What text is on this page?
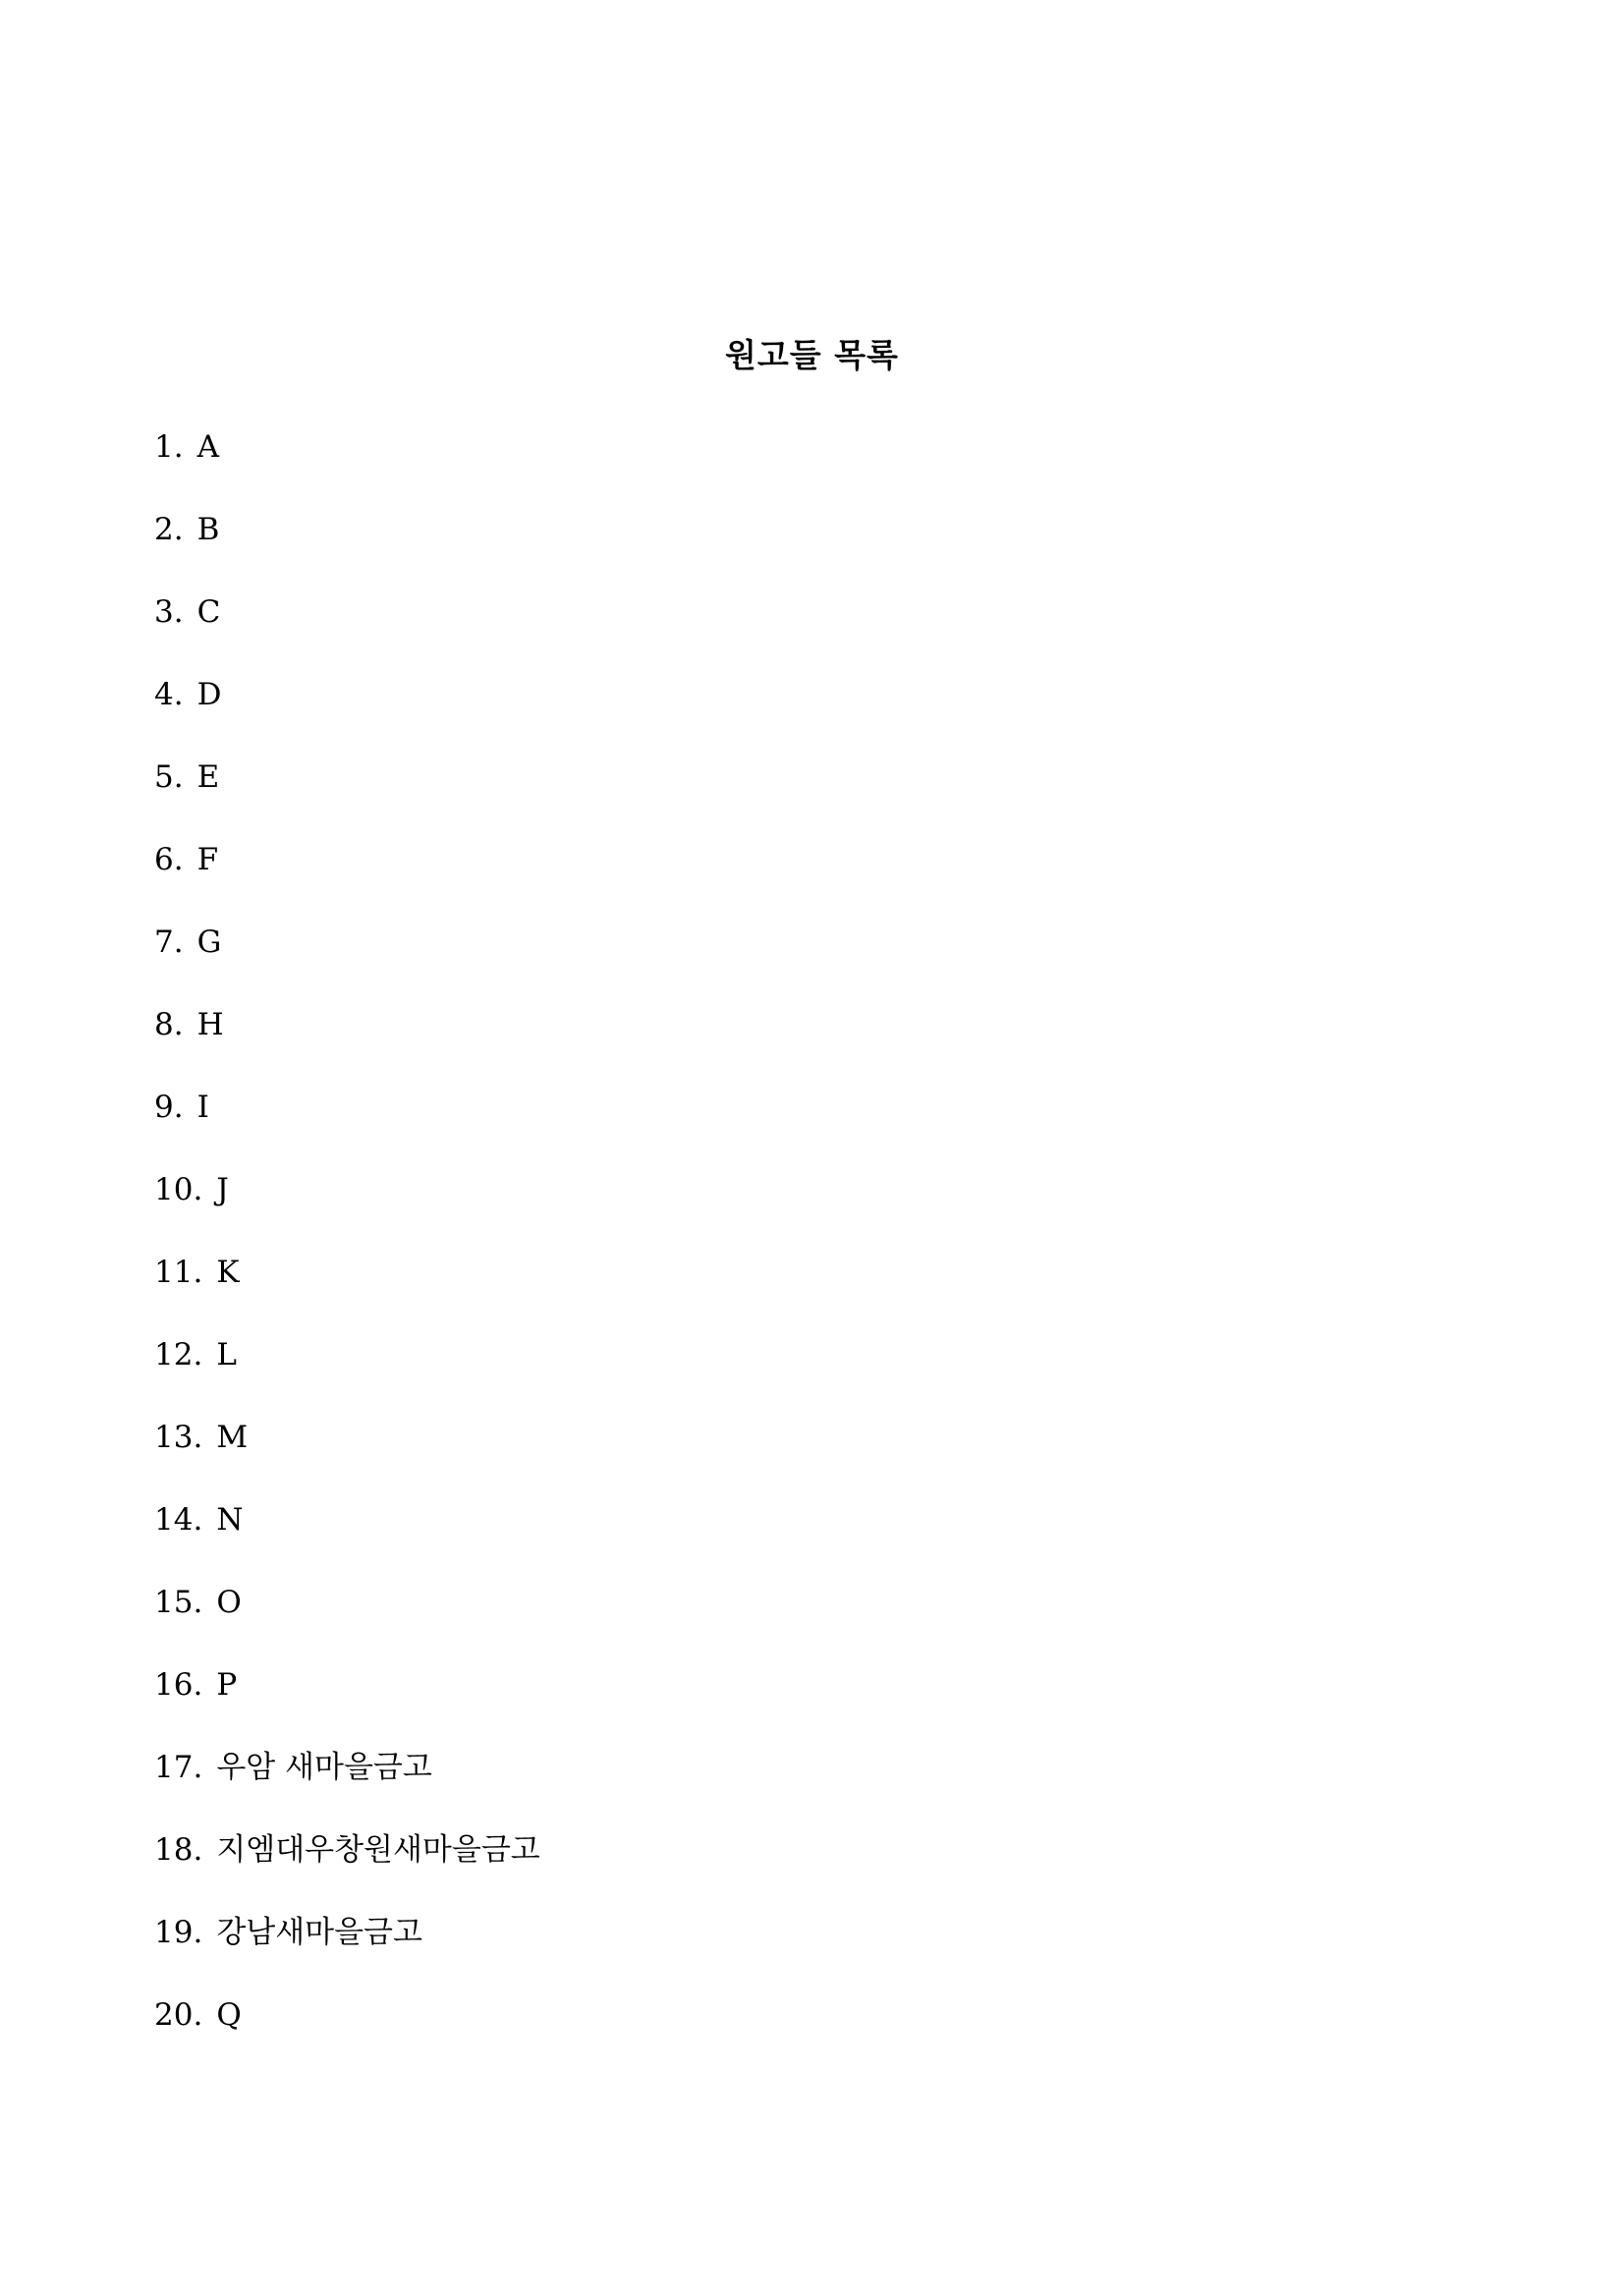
원고들 목록
1. A
2. B
3. C
4. D
5. E
6. F
7. G
8. H
9. I
10. J
11. K
12. L
13. M
14. N
15. O
16. P
17. 우암 새마을금고
18. 지엠대우창원새마을금고
19. 강남새마을금고
20. Q
